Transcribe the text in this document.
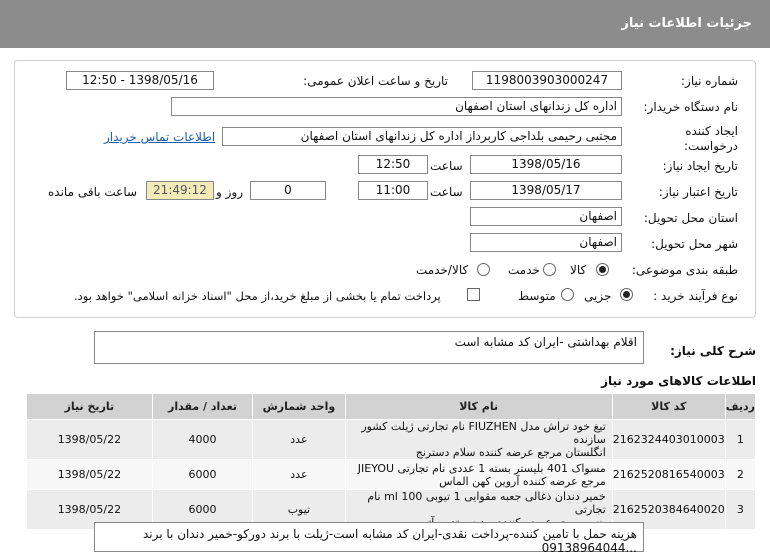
جزئیات اطلاعات نیاز
شماره نیاز:
1198003903000247
تاریخ و ساعت اعلان عمومی:
1398/05/16 - 12:50
نام دستگاه خریدار:
اداره کل زندانهای استان اصفهان
ایجاد کننده
درخواست:
مجتبی رحیمی بلداجی کاربرداز اداره کل زندانهای استان اصفهان
اطلاعات تماس خریدار
تاریخ ایجاد نیاز:
1398/05/16
ساعت
12:50
تاریخ اعتبار نیاز:
1398/05/17
ساعت
11:00
0
روز و
21:49:12
ساعت باقی مانده
استان محل تحویل:
اصفهان
شهر محل تحویل:
اصفهان
طبقه بندی موضوعی:
کالا
خدمت
کالا/خدمت
نوع فرآیند خرید :
جزیی
متوسط
پرداخت تمام یا بخشی از مبلغ خرید،از محل "اسناد خزانه اسلامی" خواهد بود.
شرح کلی نیاز:
اقلام بهداشتی -ایران کد مشابه است
اطلاعات کالاهای مورد نیاز
ردیف	کد کالا	نام کالا	واحد شمارش	تعداد / مقدار	تاریخ نیاز
1	2162324403010003	تیغ خود تراش مدل FIUZHEN نام تجارتی ژیلت کشور سازنده
انگلستان مرجع عرضه کننده سلام دسترنج	عدد	4000	1398/05/22
2	2162520816540003	مسواک 401 بلیستر بسته 1 عددی نام تجارتی JIEYOU
مرجع عرضه کننده آروین کهن الماس	عدد	6000	1398/05/22
3	2162520384640020	خمیر دندان ذغالی جعبه مقوایی 1 تیوبی ml 100 نام تجارتی	تیوب	6000	1398/05/22
هزینه حمل با تامین کننده-پرداخت نقدی-ایران کد مشابه است-ژیلت با برند دورکو-خمیر دندان با برند
...09138964044
